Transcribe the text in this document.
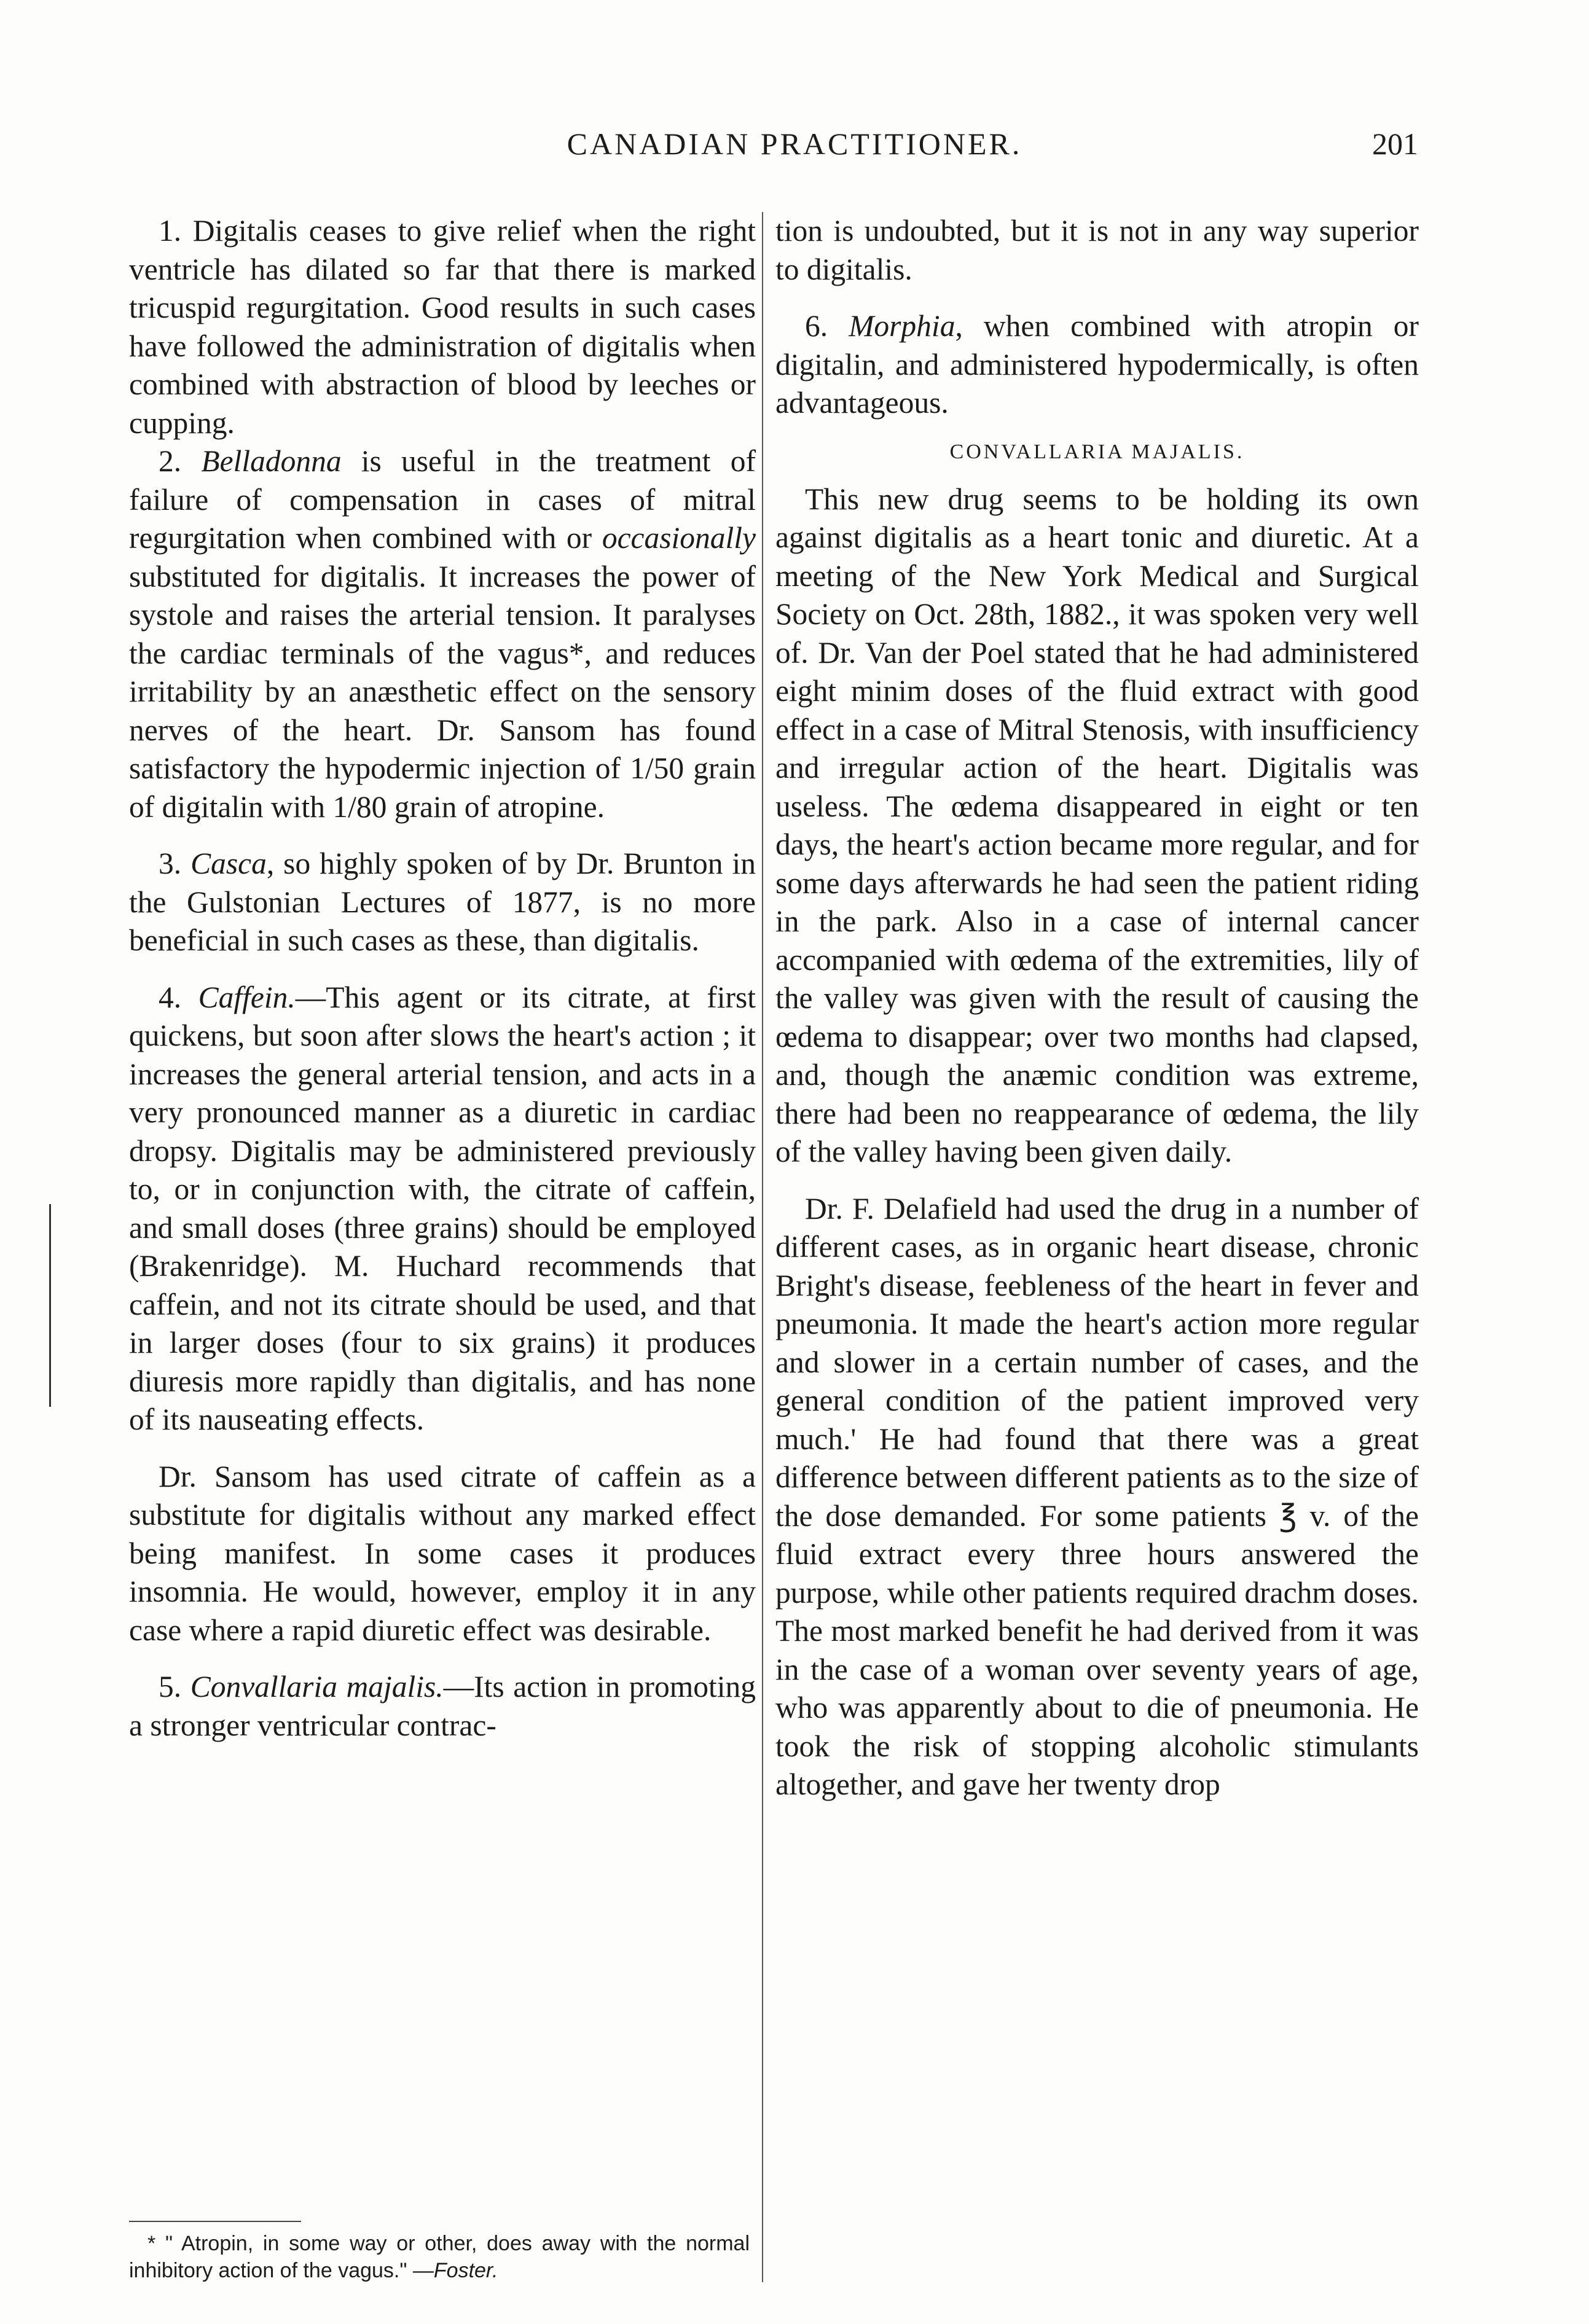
CANADIAN PRACTITIONER.	201

1. Digitalis ceases to give relief when the right ventricle has dilated so far that there is marked tricuspid regurgitation. Good results in such cases have followed the administration of digitalis when combined with abstraction of blood by leeches or cupping.

2. Belladonna is useful in the treatment of failure of compensation in cases of mitral regurgitation when combined with or occasionally substituted for digitalis. It increases the power of systole and raises the arterial tension. It paralyses the cardiac terminals of the vagus*, and reduces irritability by an anæsthetic effect on the sensory nerves of the heart. Dr. Sansom has found satisfactory the hypodermic injection of 1/50 grain of digitalin with 1/80 grain of atropine.

3. Casca, so highly spoken of by Dr. Brunton in the Gulstonian Lectures of 1877, is no more beneficial in such cases as these, than digitalis.

4. Caffein.—This agent or its citrate, at first quickens, but soon after slows the heart's action ; it increases the general arterial tension, and acts in a very pronounced manner as a diuretic in cardiac dropsy. Digitalis may be administered previously to, or in conjunction with, the citrate of caffein, and small doses (three grains) should be employed (Brakenridge). M. Huchard recommends that caffein, and not its citrate should be used, and that in larger doses (four to six grains) it produces diuresis more rapidly than digitalis, and has none of its nauseating effects.

Dr. Sansom has used citrate of caffein as a substitute for digitalis without any marked effect being manifest. In some cases it produces insomnia. He would, however, employ it in any case where a rapid diuretic effect was desirable.

5. Convallaria majalis.—Its action in promoting a stronger ventricular contrac-

tion is undoubted, but it is not in any way superior to digitalis.

6. Morphia, when combined with atropin or digitalin, and administered hypodermically, is often advantageous.

CONVALLARIA MAJALIS.

This new drug seems to be holding its own against digitalis as a heart tonic and diuretic. At a meeting of the New York Medical and Surgical Society on Oct. 28th, 1882., it was spoken very well of. Dr. Van der Poel stated that he had administered eight minim doses of the fluid extract with good effect in a case of Mitral Stenosis, with insufficiency and irregular action of the heart. Digitalis was useless. The œdema disappeared in eight or ten days, the heart's action became more regular, and for some days afterwards he had seen the patient riding in the park. Also in a case of internal cancer accompanied with œdema of the extremities, lily of the valley was given with the result of causing the œdema to disappear; over two months had clapsed, and, though the anæmic condition was extreme, there had been no reappearance of œdema, the lily of the valley having been given daily.

Dr. F. Delafield had used the drug in a number of different cases, as in organic heart disease, chronic Bright's disease, feebleness of the heart in fever and pneumonia. It made the heart's action more regular and slower in a certain number of cases, and the general condition of the patient improved very much.' He had found that there was a great difference between different patients as to the size of the dose demanded. For some patients ℥ v. of the fluid extract every three hours answered the purpose, while other patients required drachm doses. The most marked benefit he had derived from it was in the case of a woman over seventy years of age, who was apparently about to die of pneumonia. He took the risk of stopping alcoholic stimulants altogether, and gave her twenty drop

* " Atropin, in some way or other, does away with the normal inhibitory action of the vagus." —Foster.
